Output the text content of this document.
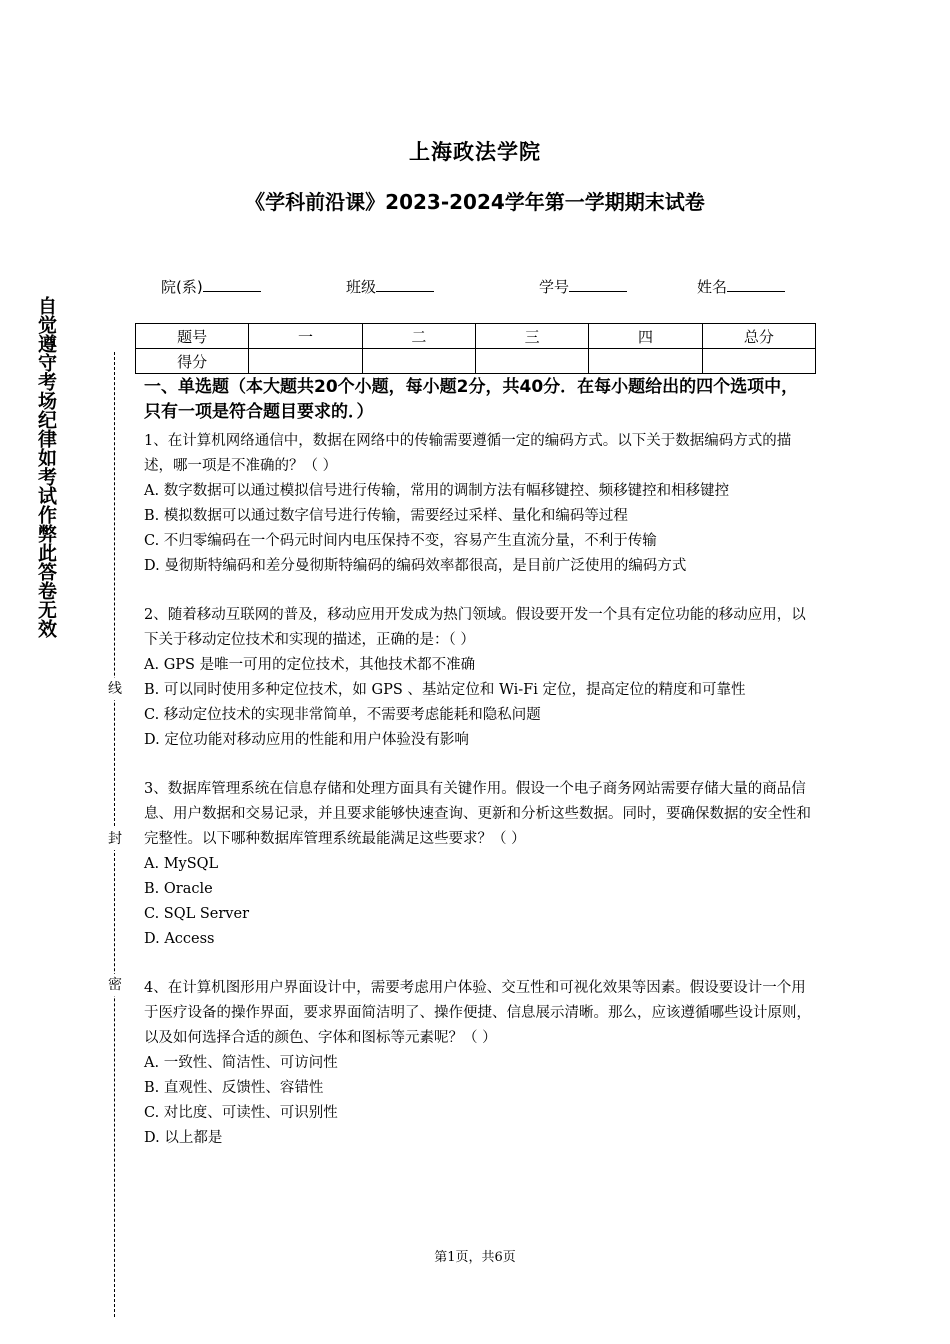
自觉遵守考场纪律如考试作弊此答卷无效
线
封
密
上海政法学院
《学科前沿课》2023-2024学年第一学期期末试卷
院(系)	班级	学号	姓名
题号	一	二	三	四	总分
得分					

一、单选题（本大题共20个小题，每小题2分，共40分．在每小题给出的四个选项中，只有一项是符合题目要求的．）

1、在计算机网络通信中，数据在网络中的传输需要遵循一定的编码方式。以下关于数据编码方式的描述，哪一项是不准确的？（ ）

A. 数字数据可以通过模拟信号进行传输，常用的调制方法有幅移键控、频移键控和相移键控

B. 模拟数据可以通过数字信号进行传输，需要经过采样、量化和编码等过程

C. 不归零编码在一个码元时间内电压保持不变，容易产生直流分量，不利于传输

D. 曼彻斯特编码和差分曼彻斯特编码的编码效率都很高，是目前广泛使用的编码方式

2、随着移动互联网的普及，移动应用开发成为热门领域。假设要开发一个具有定位功能的移动应用，以下关于移动定位技术和实现的描述，正确的是：（ ）

A. GPS 是唯一可用的定位技术，其他技术都不准确

B. 可以同时使用多种定位技术，如 GPS 、基站定位和 Wi-Fi 定位，提高定位的精度和可靠性

C. 移动定位技术的实现非常简单，不需要考虑能耗和隐私问题

D. 定位功能对移动应用的性能和用户体验没有影响

3、数据库管理系统在信息存储和处理方面具有关键作用。假设一个电子商务网站需要存储大量的商品信息、用户数据和交易记录，并且要求能够快速查询、更新和分析这些数据。同时，要确保数据的安全性和完整性。以下哪种数据库管理系统最能满足这些要求？（ ）

A. MySQL

B. Oracle

C. SQL Server

D. Access

4、在计算机图形用户界面设计中，需要考虑用户体验、交互性和可视化效果等因素。假设要设计一个用于医疗设备的操作界面，要求界面简洁明了、操作便捷、信息展示清晰。那么，应该遵循哪些设计原则，以及如何选择合适的颜色、字体和图标等元素呢？（ ）

A. 一致性、简洁性、可访问性

B. 直观性、反馈性、容错性

C. 对比度、可读性、可识别性

D. 以上都是

第1页，共6页
